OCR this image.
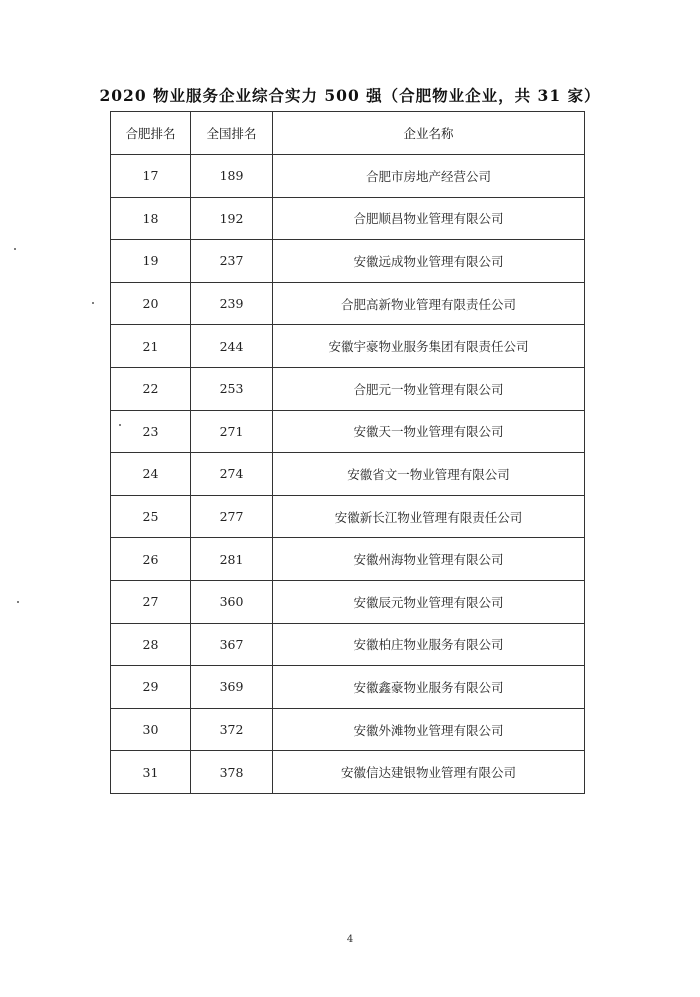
2020 物业服务企业综合实力 500 强（合肥物业企业，共 31 家）
合肥排名	全国排名	企业名称
17	189	合肥市房地产经营公司
18	192	合肥顺昌物业管理有限公司
19	237	安徽远成物业管理有限公司
20	239	合肥高新物业管理有限责任公司
21	244	安徽宇豪物业服务集团有限责任公司
22	253	合肥元一物业管理有限公司
23	271	安徽天一物业管理有限公司
24	274	安徽省文一物业管理有限公司
25	277	安徽新长江物业管理有限责任公司
26	281	安徽州海物业管理有限公司
27	360	安徽辰元物业管理有限公司
28	367	安徽柏庄物业服务有限公司
29	369	安徽鑫豪物业服务有限公司
30	372	安徽外滩物业管理有限公司
31	378	安徽信达建银物业管理有限公司
4
